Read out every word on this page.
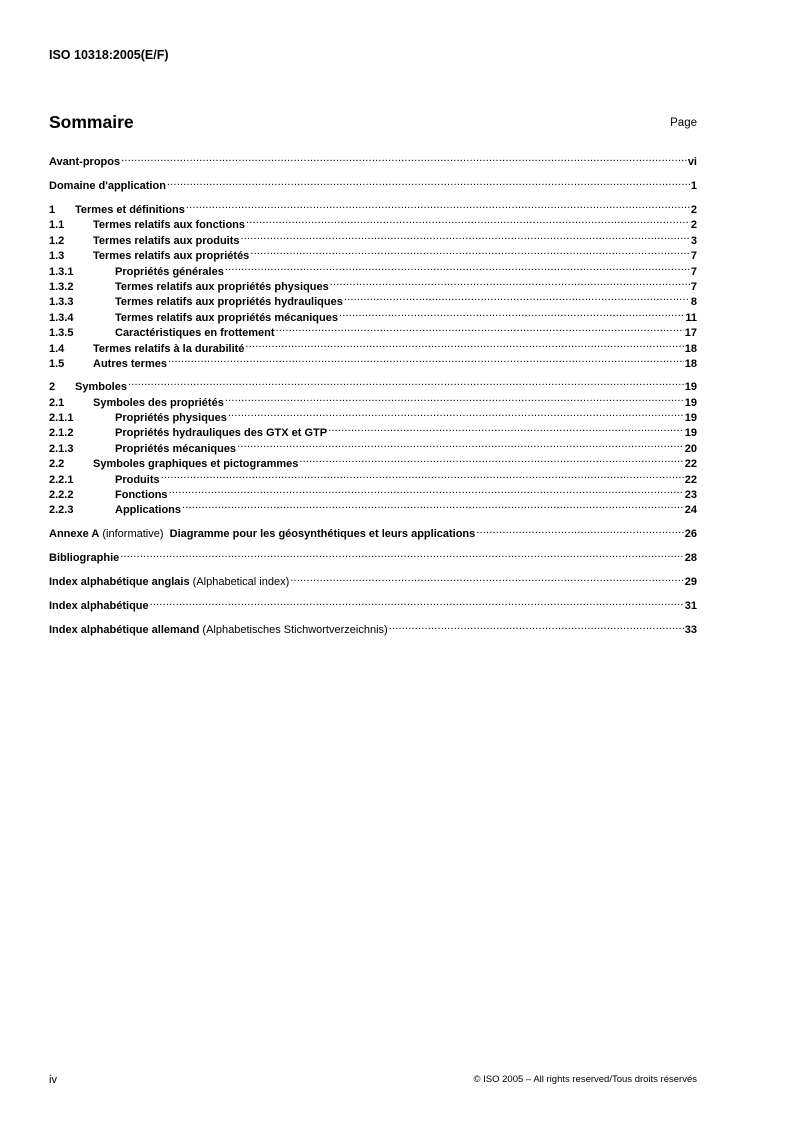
ISO 10318:2005(E/F)
Sommaire	Page
Avant-propos .....	vi
Domaine d'application .....	1
1	Termes et définitions .....	2
1.1	Termes relatifs aux fonctions .....	2
1.2	Termes relatifs aux produits .....	3
1.3	Termes relatifs aux propriétés .....	7
1.3.1	Propriétés générales .....	7
1.3.2	Termes relatifs aux propriétés physiques .....	7
1.3.3	Termes relatifs aux propriétés hydrauliques .....	8
1.3.4	Termes relatifs aux propriétés mécaniques .....	11
1.3.5	Caractéristiques en frottement .....	17
1.4	Termes relatifs à la durabilité .....	18
1.5	Autres termes .....	18
2	Symboles .....	19
2.1	Symboles des propriétés .....	19
2.1.1	Propriétés physiques .....	19
2.1.2	Propriétés hydrauliques des GTX et GTP .....	19
2.1.3	Propriétés mécaniques .....	20
2.2	Symboles graphiques et pictogrammes .....	22
2.2.1	Produits .....	22
2.2.2	Fonctions .....	23
2.2.3	Applications .....	24
Annexe A (informative)  Diagramme pour les géosynthétiques et leurs applications .....	26
Bibliographie .....	28
Index alphabétique anglais (Alphabetical index) .....	29
Index alphabétique .....	31
Index alphabétique allemand (Alphabetisches Stichwortverzeichnis) .....	33
iv	© ISO 2005 – All rights reserved/Tous droits réservés
